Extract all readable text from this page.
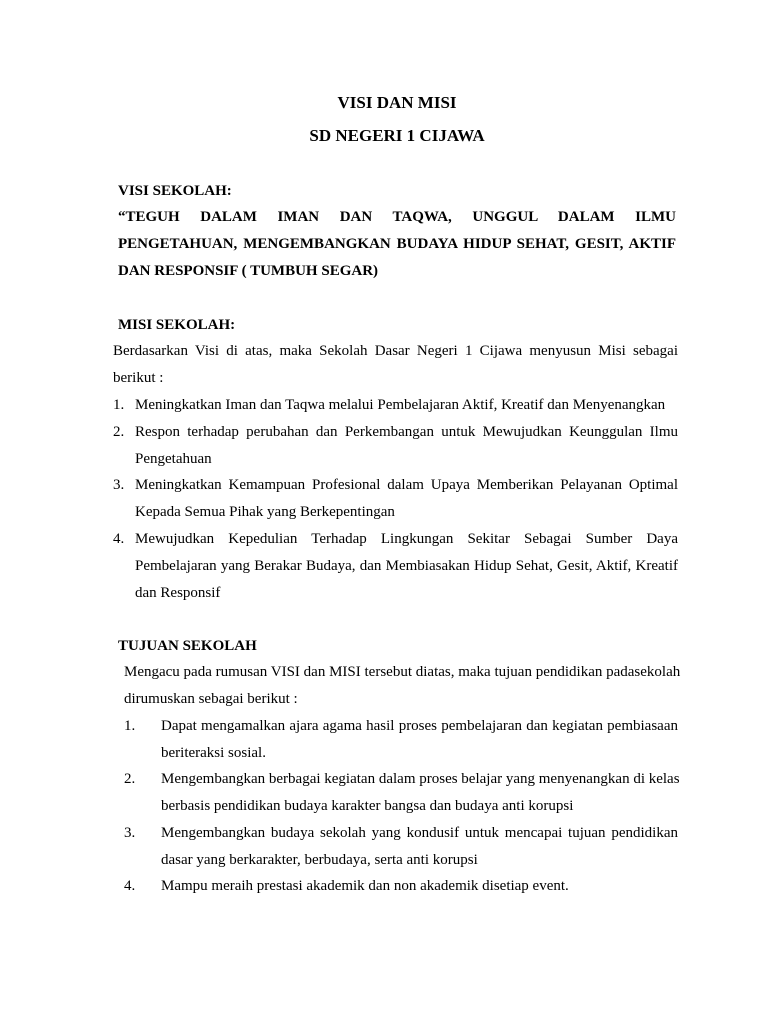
VISI DAN MISI
SD NEGERI 1 CIJAWA
VISI SEKOLAH:
“TEGUH DALAM IMAN DAN TAQWA, UNGGUL DALAM ILMU
PENGETAHUAN, MENGEMBANGKAN BUDAYA HIDUP SEHAT, GESIT, AKTIF
DAN RESPONSIF ( TUMBUH SEGAR)
MISI SEKOLAH:
Berdasarkan Visi di atas, maka Sekolah Dasar Negeri 1 Cijawa menyusun Misi sebagai
berikut :
1. Meningkatkan Iman dan Taqwa melalui Pembelajaran Aktif, Kreatif dan Menyenangkan
2. Respon terhadap perubahan dan Perkembangan untuk Mewujudkan Keunggulan Ilmu
Pengetahuan
3. Meningkatkan Kemampuan Profesional dalam Upaya Memberikan Pelayanan Optimal
Kepada Semua Pihak yang Berkepentingan
4. Mewujudkan Kepedulian Terhadap Lingkungan Sekitar Sebagai Sumber Daya
Pembelajaran yang Berakar Budaya, dan Membiasakan Hidup Sehat, Gesit, Aktif, Kreatif
dan Responsif
TUJUAN SEKOLAH
Mengacu pada rumusan VISI dan MISI tersebut diatas, maka tujuan pendidikan padasekolah
dirumuskan sebagai berikut :
1. Dapat mengamalkan ajara agama hasil proses pembelajaran dan kegiatan pembiasaan
beriteraksi sosial.
2. Mengembangkan berbagai kegiatan dalam proses belajar yang menyenangkan di kelas
berbasis pendidikan budaya karakter bangsa dan budaya anti korupsi
3. Mengembangkan budaya sekolah yang kondusif untuk mencapai tujuan pendidikan
dasar yang berkarakter, berbudaya, serta anti korupsi
4. Mampu meraih prestasi akademik dan non akademik disetiap event.
